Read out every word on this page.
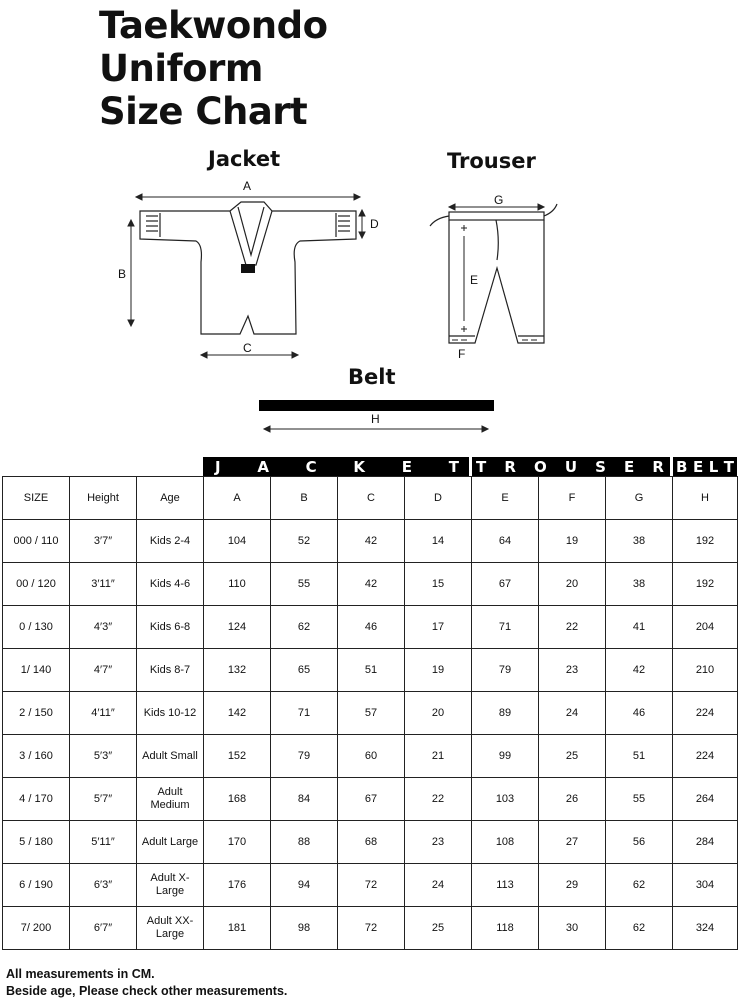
Taekwondo
Uniform
Size Chart
Jacket	Trouser
Belt
A
B
C
D
E
F
G
H
J A C K E T T R O U S E R B E L T
SIZE	Height	Age	A	B	C	D	E	F	G	H
000 / 110	3′7″	Kids 2-4	104	52	42	14	64	19	38	192
00 / 120	3′11″	Kids 4-6	110	55	42	15	67	20	38	192
0 / 130	4′3″	Kids 6-8	124	62	46	17	71	22	41	204
1/ 140	4′7″	Kids 8-7	132	65	51	19	79	23	42	210
2 / 150	4′11″	Kids 10-12	142	71	57	20	89	24	46	224
3 / 160	5′3″	Adult Small	152	79	60	21	99	25	51	224
4 / 170	5′7″	Adult Medium	168	84	67	22	103	26	55	264
5 / 180	5′11″	Adult Large	170	88	68	23	108	27	56	284
6 / 190	6′3″	Adult X- Large	176	94	72	24	113	29	62	304
7/ 200	6′7″	Adult XX- Large	181	98	72	25	118	30	62	324
All measurements in CM.
Beside age, Please check other measurements.
